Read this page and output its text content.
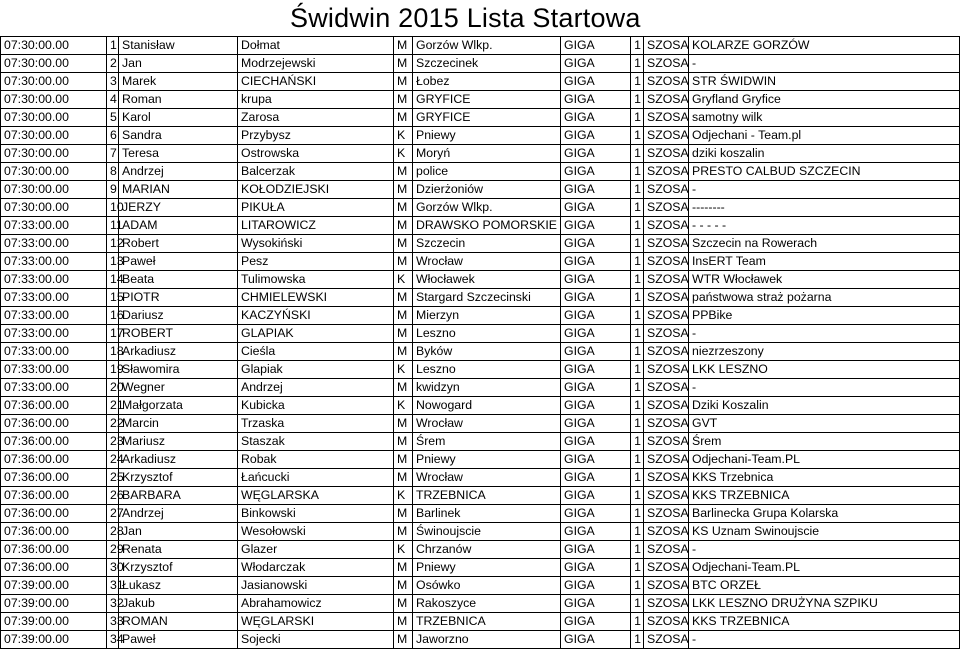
Świdwin 2015 Lista Startowa
07:30:00.00	1	Stanisław	Dołmat	M	Gorzów Wlkp.	GIGA	1	SZOSA	KOLARZE GORZÓW
07:30:00.00	2	Jan	Modrzejewski	M	Szczecinek	GIGA	1	SZOSA	-
07:30:00.00	3	Marek	CIECHAŃSKI	M	Łobez	GIGA	1	SZOSA	STR ŚWIDWIN
07:30:00.00	4	Roman	krupa	M	GRYFICE	GIGA	1	SZOSA	Gryfland Gryfice
07:30:00.00	5	Karol	Zarosa	M	GRYFICE	GIGA	1	SZOSA	samotny wilk
07:30:00.00	6	Sandra	Przybysz	K	Pniewy	GIGA	1	SZOSA	Odjechani - Team.pl
07:30:00.00	7	Teresa	Ostrowska	K	Moryń	GIGA	1	SZOSA	dziki koszalin
07:30:00.00	8	Andrzej	Balcerzak	M	police	GIGA	1	SZOSA	PRESTO CALBUD SZCZECIN
07:30:00.00	9	MARIAN	KOŁODZIEJSKI	M	Dzierżoniów	GIGA	1	SZOSA	-
07:30:00.00	10	JERZY	PIKUŁA	M	Gorzów Wlkp.	GIGA	1	SZOSA	--------
07:33:00.00	11	ADAM	LITAROWICZ	M	DRAWSKO POMORSKIE	GIGA	1	SZOSA	- - - - -
07:33:00.00	12	Robert	Wysokiński	M	Szczecin	GIGA	1	SZOSA	Szczecin na Rowerach
07:33:00.00	13	Paweł	Pesz	M	Wrocław	GIGA	1	SZOSA	InsERT Team
07:33:00.00	14	Beata	Tulimowska	K	Włocławek	GIGA	1	SZOSA	WTR Włocławek
07:33:00.00	15	PIOTR	CHMIELEWSKI	M	Stargard Szczecinski	GIGA	1	SZOSA	państwowa straż pożarna
07:33:00.00	16	Dariusz	KACZYŃSKI	M	Mierzyn	GIGA	1	SZOSA	PPBike
07:33:00.00	17	ROBERT	GLAPIAK	M	Leszno	GIGA	1	SZOSA	-
07:33:00.00	18	Arkadiusz	Cieśla	M	Byków	GIGA	1	SZOSA	niezrzeszony
07:33:00.00	19	Sławomira	Glapiak	K	Leszno	GIGA	1	SZOSA	LKK LESZNO
07:33:00.00	20	Wegner	Andrzej	M	kwidzyn	GIGA	1	SZOSA	-
07:36:00.00	21	Małgorzata	Kubicka	K	Nowogard	GIGA	1	SZOSA	Dziki Koszalin
07:36:00.00	22	Marcin	Trzaska	M	Wrocław	GIGA	1	SZOSA	GVT
07:36:00.00	23	Mariusz	Staszak	M	Śrem	GIGA	1	SZOSA	Śrem
07:36:00.00	24	Arkadiusz	Robak	M	Pniewy	GIGA	1	SZOSA	Odjechani-Team.PL
07:36:00.00	25	Krzysztof	Łańcucki	M	Wrocław	GIGA	1	SZOSA	KKS Trzebnica
07:36:00.00	26	BARBARA	WĘGLARSKA	K	TRZEBNICA	GIGA	1	SZOSA	KKS TRZEBNICA
07:36:00.00	27	Andrzej	Binkowski	M	Barlinek	GIGA	1	SZOSA	Barlinecka Grupa Kolarska
07:36:00.00	28	Jan	Wesołowski	M	Świnoujscie	GIGA	1	SZOSA	KS Uznam Swinoujscie
07:36:00.00	29	Renata	Glazer	K	Chrzanów	GIGA	1	SZOSA	-
07:36:00.00	30	Krzysztof	Włodarczak	M	Pniewy	GIGA	1	SZOSA	Odjechani-Team.PL
07:39:00.00	31	Łukasz	Jasianowski	M	Osówko	GIGA	1	SZOSA	BTC ORZEŁ
07:39:00.00	32	Jakub	Abrahamowicz	M	Rakoszyce	GIGA	1	SZOSA	LKK LESZNO DRUŻYNA SZPIKU
07:39:00.00	33	ROMAN	WĘGLARSKI	M	TRZEBNICA	GIGA	1	SZOSA	KKS TRZEBNICA
07:39:00.00	34	Paweł	Sojecki	M	Jaworzno	GIGA	1	SZOSA	-
